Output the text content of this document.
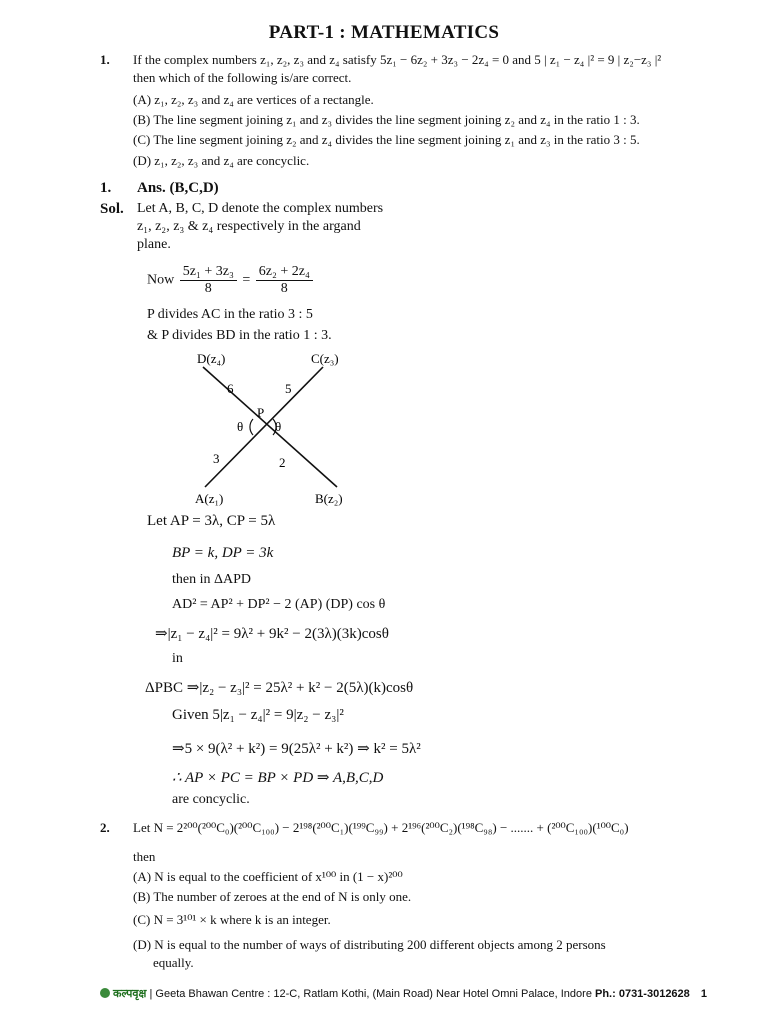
PART-1 : MATHEMATICS
1. If the complex numbers z₁, z₂, z₃ and z₄ satisfy 5z₁ − 6z₂ + 3z₃ − 2z₄ = 0 and 5 | z₁ − z₄ |² = 9 | z₂−z₃ |²
then which of the following is/are correct.
(A) z₁, z₂, z₃ and z₄ are vertices of a rectangle.
(B) The line segment joining z₁ and z₃ divides the line segment joining z₂ and z₄ in the ratio 1 : 3.
(C) The line segment joining z₂ and z₄ divides the line segment joining z₁ and z₃ in the ratio 3 : 5.
(D) z₁, z₂, z₃ and z₄ are concyclic.
1. Ans. (B,C,D)
Sol. Let A, B, C, D denote the complex numbers
z₁, z₂, z₃ & z₄ respectively in the argand
plane.
Now $\frac{\text{5z₁ + 3z₃}}{8} = \frac{\text{6z₂ + 2z₄}}{8}$
P divides AC in the ratio 3 : 5
& P divides BD in the ratio 1 : 3.
D(z₄)	C(z₃)
A(z₁)	B(z₂)
P
θ θ
6	5
3	2
Let AP = 3λ, CP = 5λ
BP = k, DP = 3k
then in ΔAPD
AD² = AP² + DP² − 2 (AP) (DP) cos θ
⇒|z₁ − z₄|² = 9λ² + 9k² − 2(3λ)(3k)cosθ
in
ΔPBC ⇒|z₂ − z₃|² = 25λ² + k² − 2(5λ)(k)cosθ
Given 5|z₁ − z₄|² = 9|z₂ − z₃|²
⇒5 × 9(λ² + k²) = 9(25λ² + k²) ⇒ k² = 5λ²
∴ AP × PC = BP × PD ⇒ A,B,C,D
are concyclic.
2. Let N = 2²⁰⁰(²⁰⁰C₀)(²⁰⁰C₁₀₀) − 2¹⁹⁸(²⁰⁰C₁)(¹⁹⁹C₉₉) + 2¹⁹⁶(²⁰⁰C₂)(¹⁹⁸C₉₈) − ....... + (²⁰⁰C₁₀₀)(¹⁰⁰C₀)
then
(A) N is equal to the coefficient of x¹⁰⁰ in (1 − x)²⁰⁰
(B) The number of zeroes at the end of N is only one.
(C) N = 3¹⁰¹ × k where k is an integer.
(D) N is equal to the number of ways of distributing 200 different objects among 2 persons
equally.
कल्पवृक्ष | Geeta Bhawan Centre : 12-C, Ratlam Kothi, (Main Road) Near Hotel Omni Palace, Indore Ph.: 0731-3012628 1
